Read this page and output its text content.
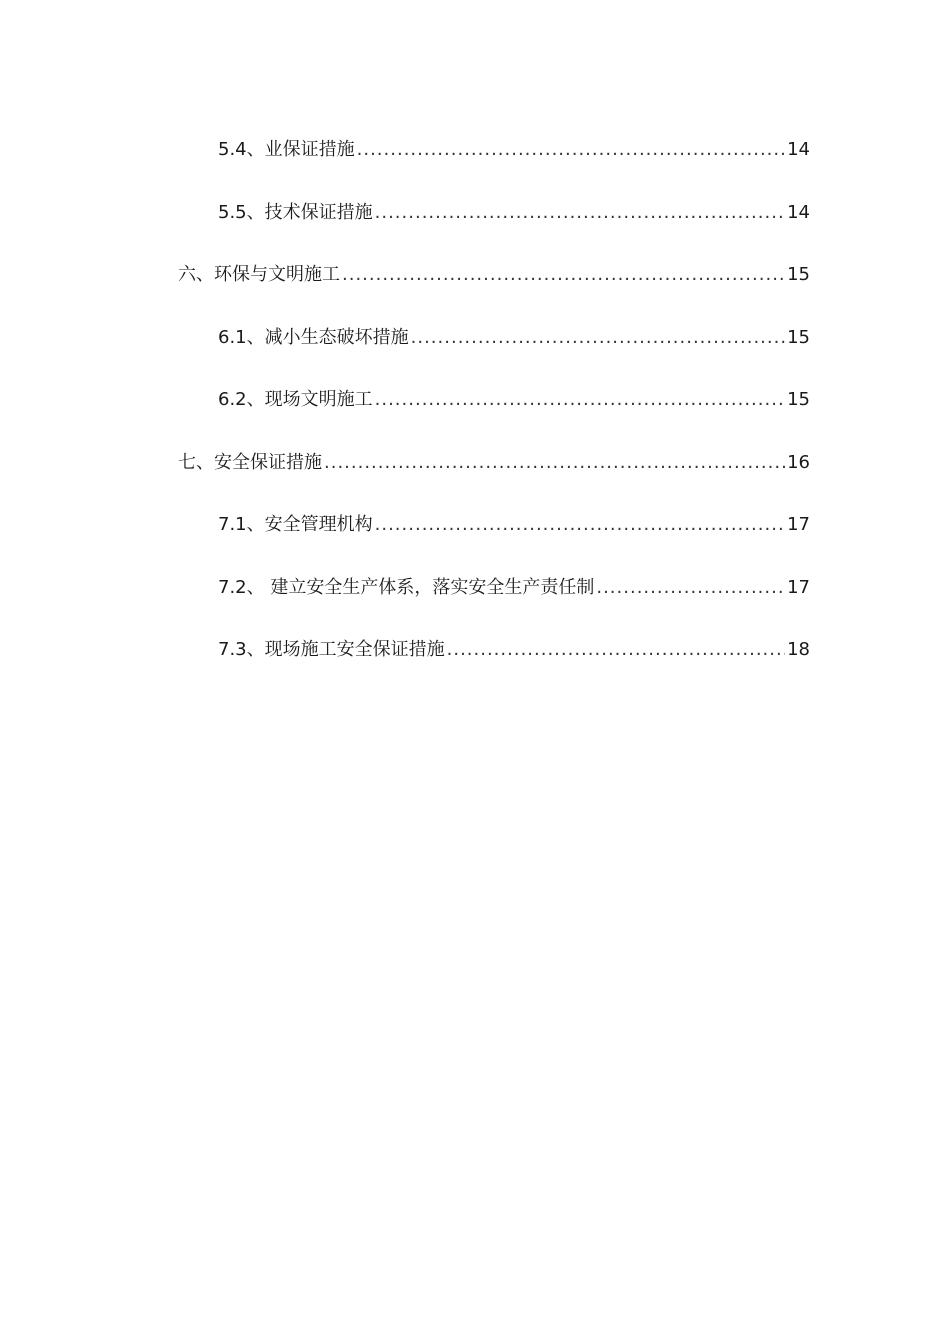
5.4、业保证措施 .....	14
5.5、技术保证措施 .....	14
六、环保与文明施工 .....	15
6.1、减小生态破坏措施 .....	15
6.2、现场文明施工 .....	15
七、安全保证措施 .....	16
7.1、安全管理机构 .....	17
7.2、 建立安全生产体系，落实安全生产责任制 .....	17
7.3、现场施工安全保证措施 .....	18
